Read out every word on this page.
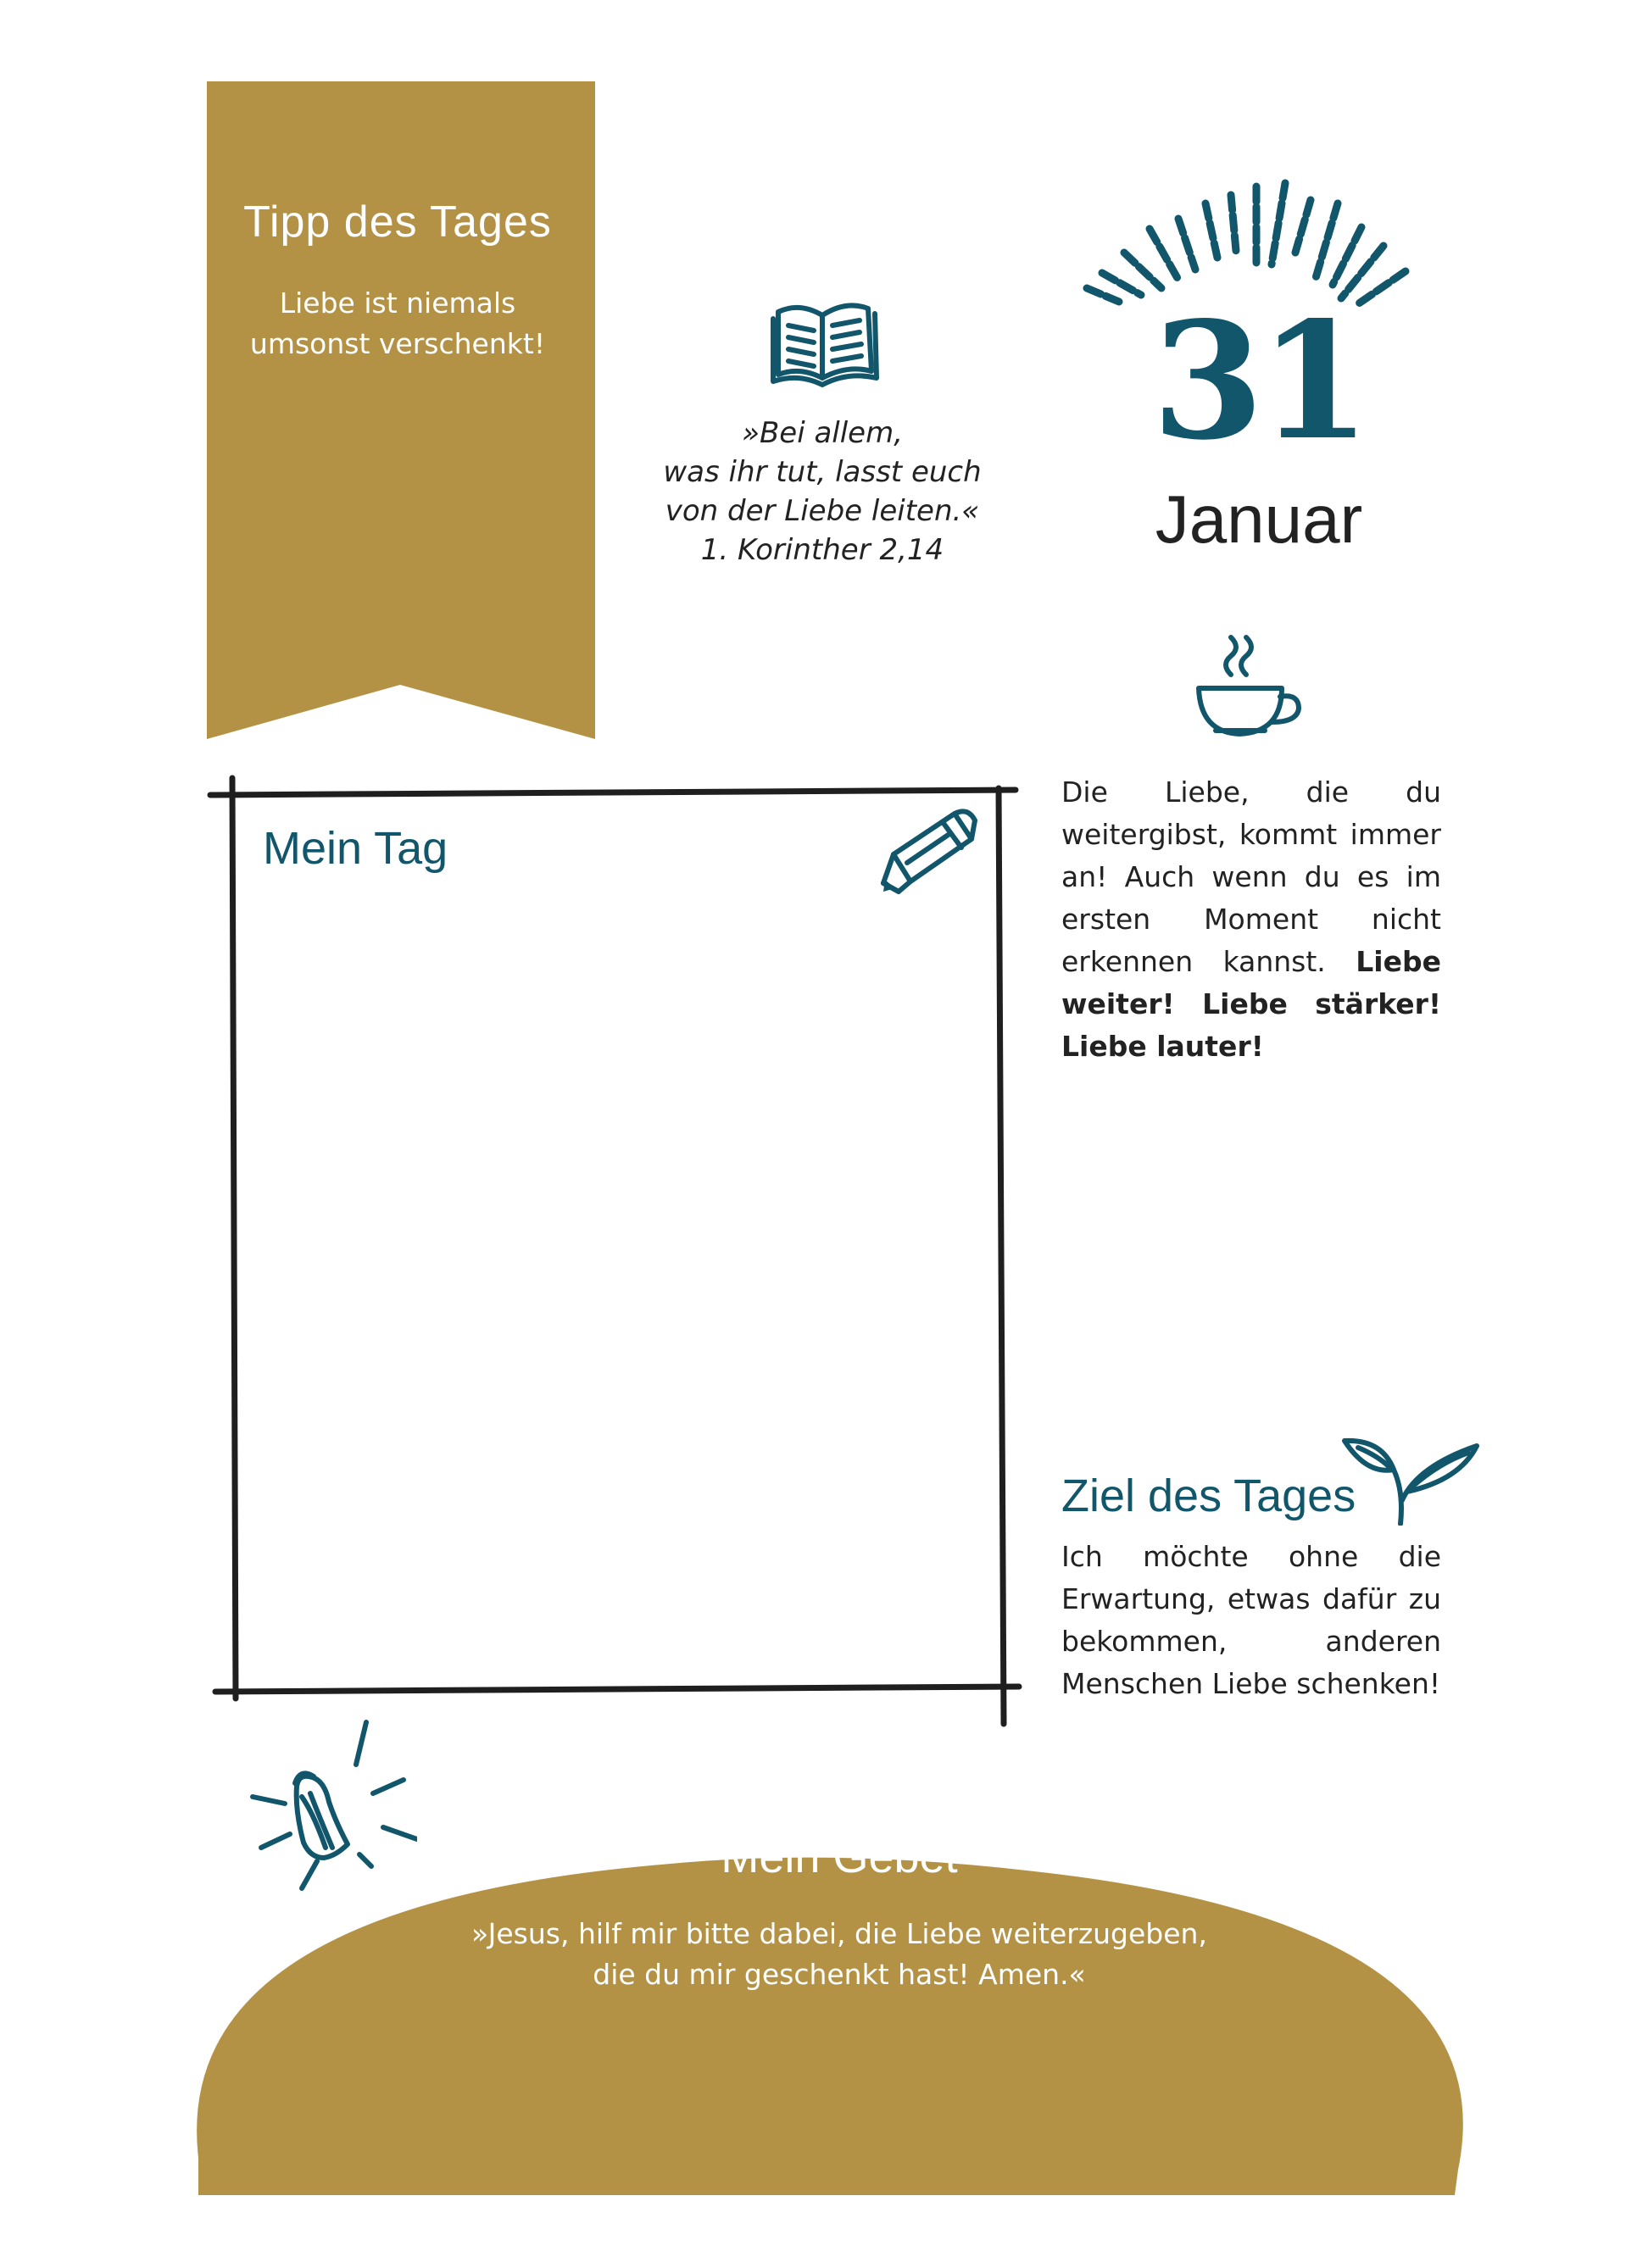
Tipp des Tages
Liebe ist niemals
umsonst verschenkt!
»Bei allem,
was ihr tut, lasst euch
von der Liebe leiten.«
1. Korinther 2,14
31
Januar
Die Liebe, die du weitergibst, kommt immer an! Auch wenn du es im ersten Moment nicht erkennen kannst. Liebe weiter! Liebe stärker! Liebe lauter!
Mein Tag
Ziel des Tages
Ich möchte ohne die Erwartung, etwas dafür zu bekommen, anderen Menschen Liebe schenken!
Mein Gebet
»Jesus, hilf mir bitte dabei, die Liebe weiterzugeben,
die du mir geschenkt hast! Amen.«
